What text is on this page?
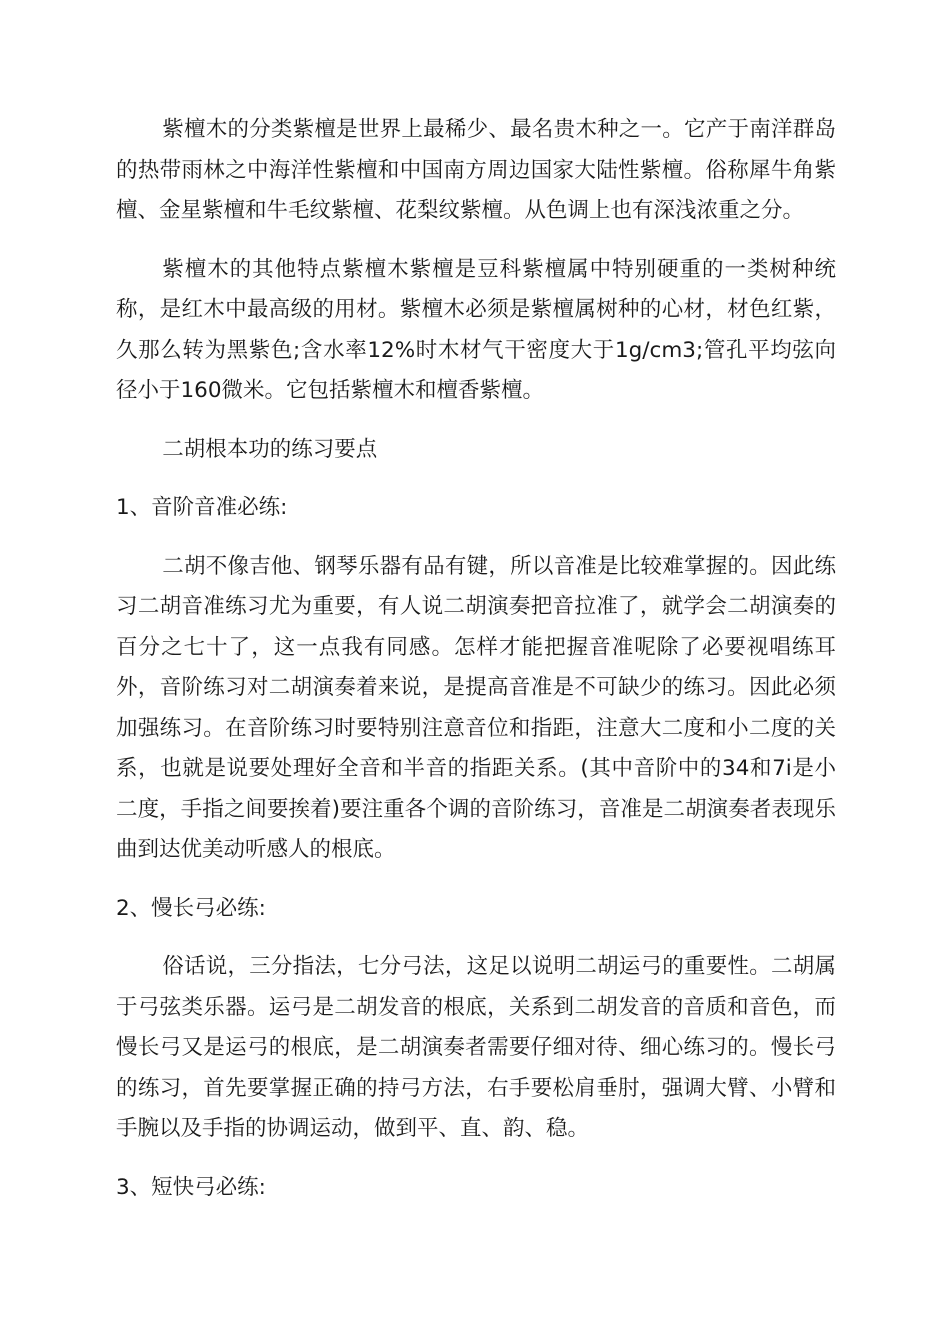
紫檀木的分类紫檀是世界上最稀少、最名贵木种之一。它产于南洋群岛的热带雨林之中海洋性紫檀和中国南方周边国家大陆性紫檀。俗称犀牛角紫檀、金星紫檀和牛毛纹紫檀、花梨纹紫檀。从色调上也有深浅浓重之分。

紫檀木的其他特点紫檀木紫檀是豆科紫檀属中特别硬重的一类树种统称，是红木中最高级的用材。紫檀木必须是紫檀属树种的心材，材色红紫，久那么转为黑紫色;含水率12%时木材气干密度大于1g/cm3;管孔平均弦向径小于160微米。它包括紫檀木和檀香紫檀。

二胡根本功的练习要点

1、音阶音准必练:

二胡不像吉他、钢琴乐器有品有键，所以音准是比较难掌握的。因此练习二胡音准练习尤为重要，有人说二胡演奏把音拉准了，就学会二胡演奏的百分之七十了，这一点我有同感。怎样才能把握音准呢除了必要视唱练耳外，音阶练习对二胡演奏着来说，是提高音准是不可缺少的练习。因此必须加强练习。在音阶练习时要特别注意音位和指距，注意大二度和小二度的关系，也就是说要处理好全音和半音的指距关系。(其中音阶中的34和7i是小二度，手指之间要挨着)要注重各个调的音阶练习，音准是二胡演奏者表现乐曲到达优美动听感人的根底。

2、慢长弓必练:

俗话说，三分指法，七分弓法，这足以说明二胡运弓的重要性。二胡属于弓弦类乐器。运弓是二胡发音的根底，关系到二胡发音的音质和音色，而慢长弓又是运弓的根底，是二胡演奏者需要仔细对待、细心练习的。慢长弓的练习，首先要掌握正确的持弓方法，右手要松肩垂肘，强调大臂、小臂和手腕以及手指的协调运动，做到平、直、韵、稳。

3、短快弓必练:
